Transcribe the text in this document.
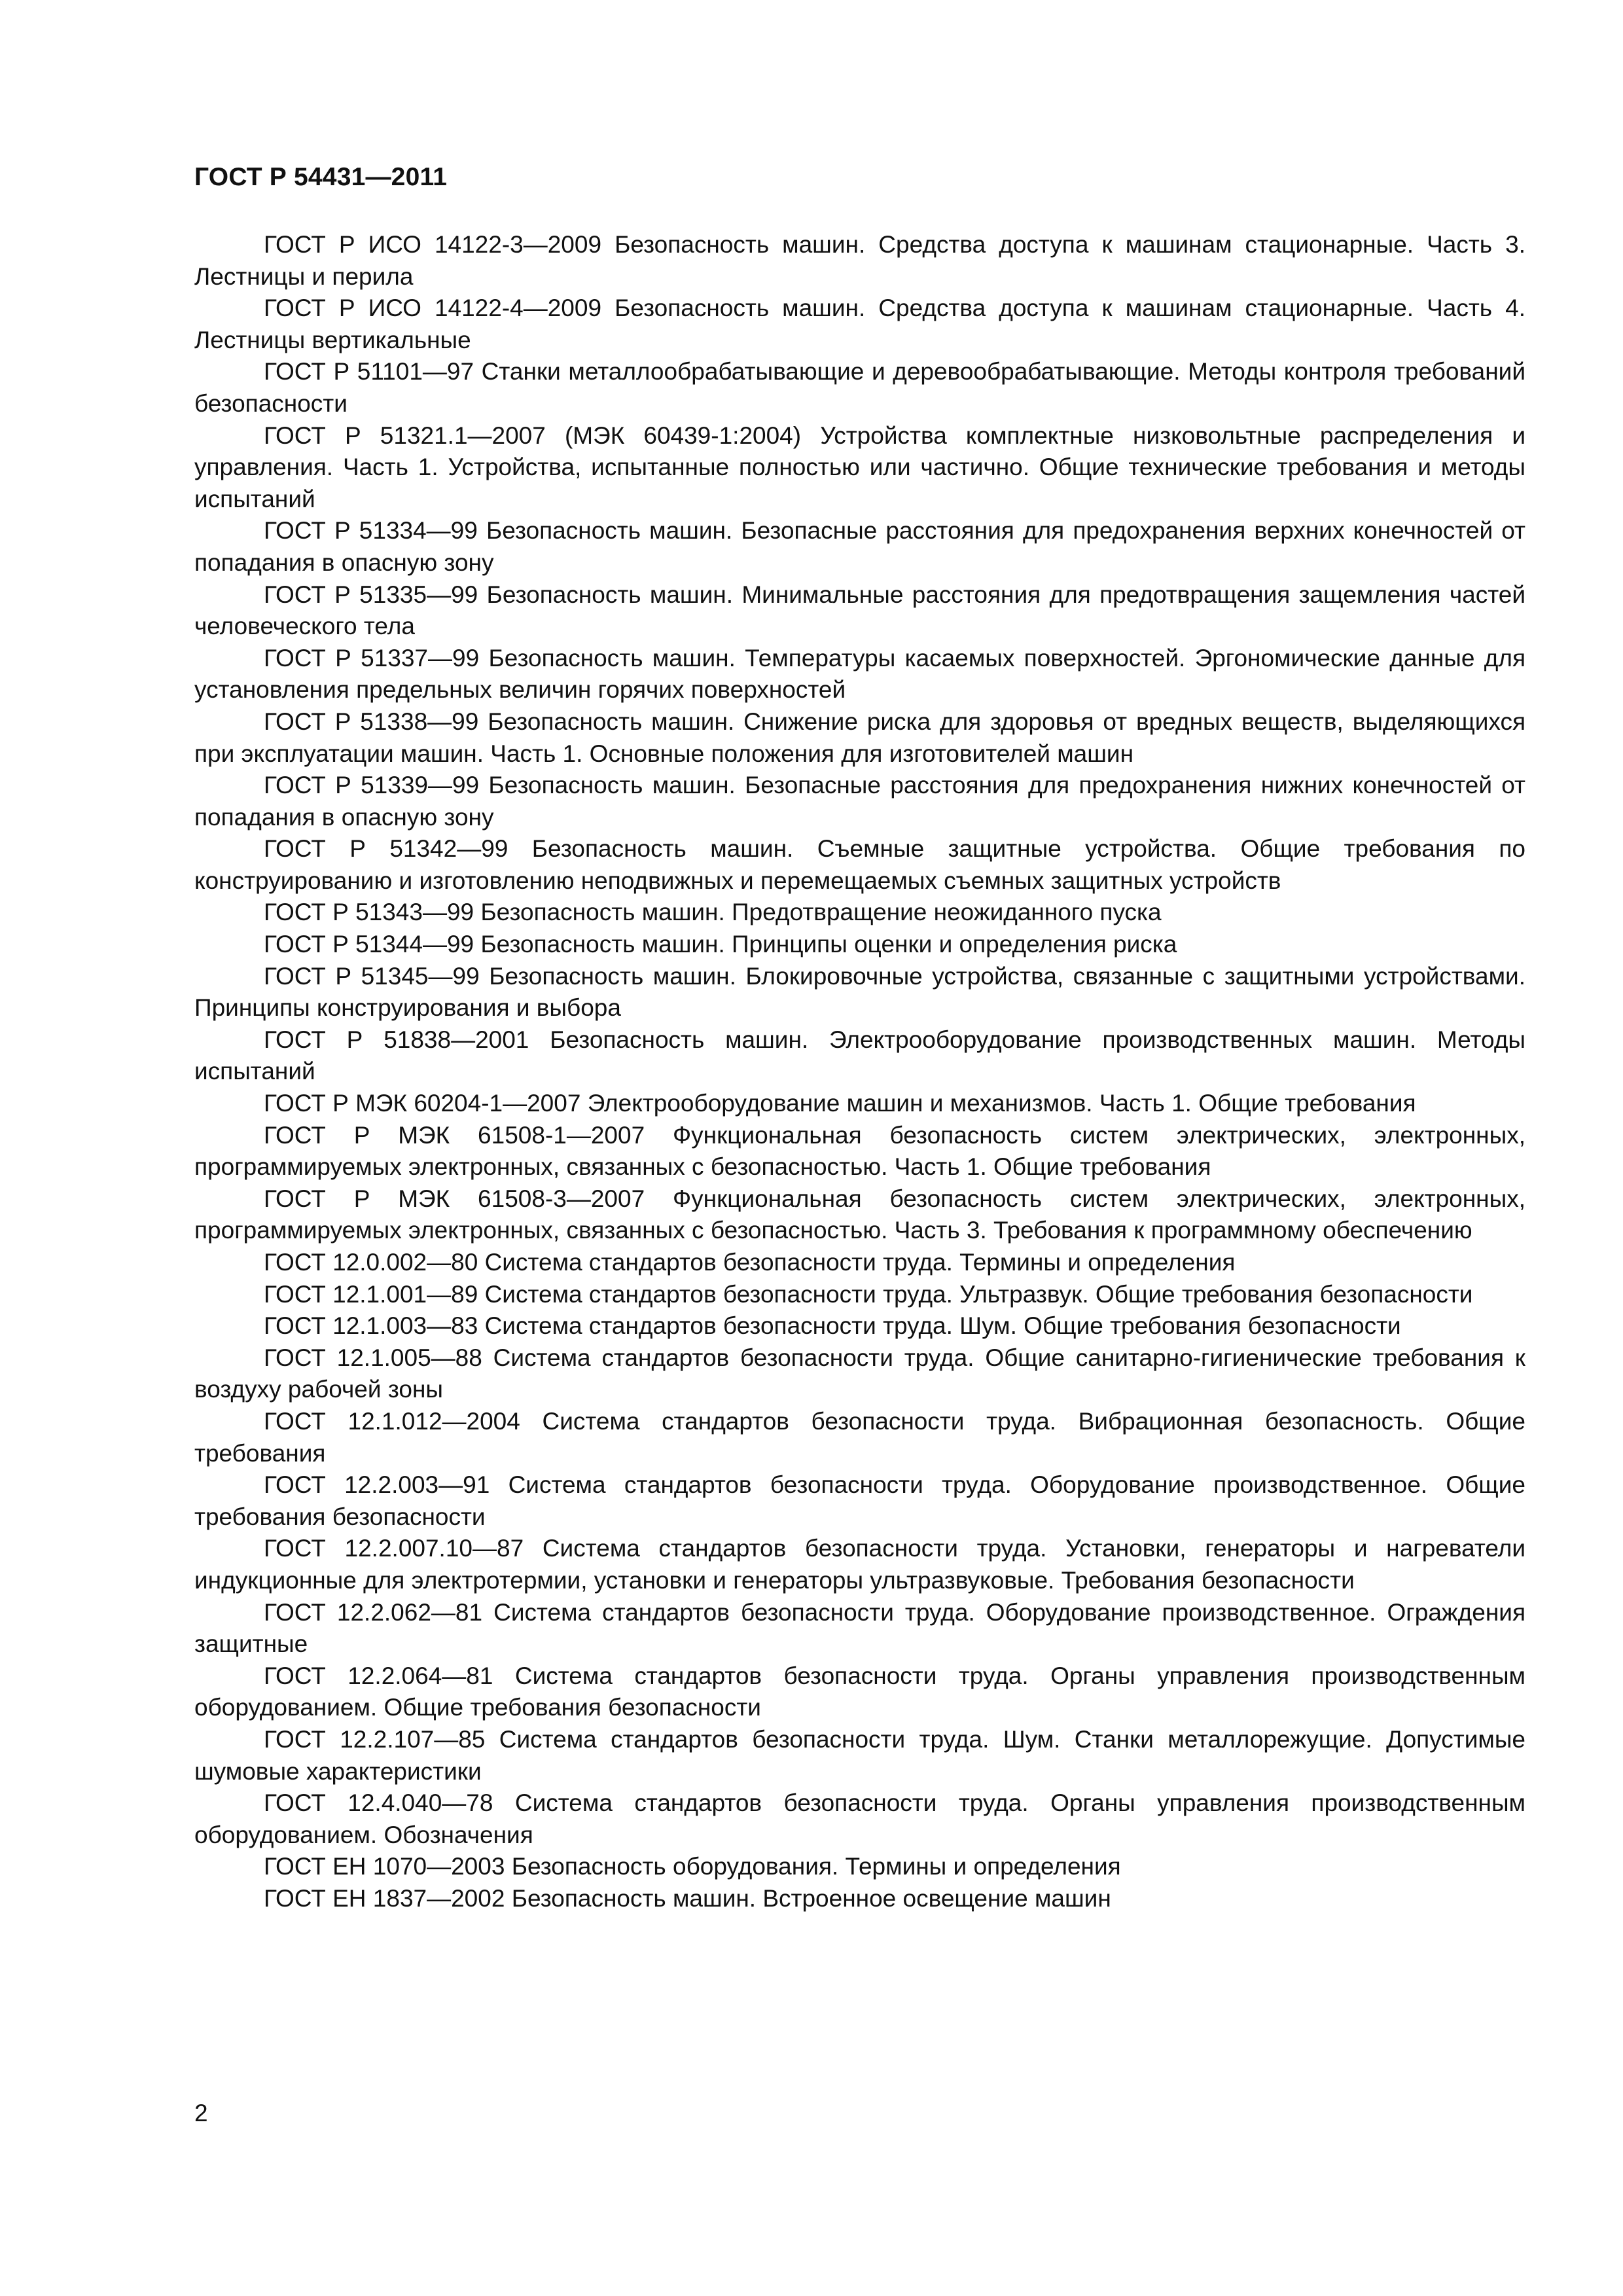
ГОСТ Р 54431—2011

ГОСТ Р ИСО 14122-3—2009 Безопасность машин. Средства доступа к машинам стационарные. Часть 3. Лестницы и перила

ГОСТ Р ИСО 14122-4—2009 Безопасность машин. Средства доступа к машинам стационарные. Часть 4. Лестницы вертикальные

ГОСТ Р 51101—97 Станки металлообрабатывающие и деревообрабатывающие. Методы контроля требований безопасности

ГОСТ Р 51321.1—2007 (МЭК 60439-1:2004) Устройства комплектные низковольтные распределения и управления. Часть 1. Устройства, испытанные полностью или частично. Общие технические требования и методы испытаний

ГОСТ Р 51334—99 Безопасность машин. Безопасные расстояния для предохранения верхних конечностей от попадания в опасную зону

ГОСТ Р 51335—99 Безопасность машин. Минимальные расстояния для предотвращения защемления частей человеческого тела

ГОСТ Р 51337—99 Безопасность машин. Температуры касаемых поверхностей. Эргономические данные для установления предельных величин горячих поверхностей

ГОСТ Р 51338—99 Безопасность машин. Снижение риска для здоровья от вредных веществ, выделяющихся при эксплуатации машин. Часть 1. Основные положения для изготовителей машин

ГОСТ Р 51339—99 Безопасность машин. Безопасные расстояния для предохранения нижних конечностей от попадания в опасную зону

ГОСТ Р 51342—99 Безопасность машин. Съемные защитные устройства. Общие требования по конструированию и изготовлению неподвижных и перемещаемых съемных защитных устройств

ГОСТ Р 51343—99 Безопасность машин. Предотвращение неожиданного пуска

ГОСТ Р 51344—99 Безопасность машин. Принципы оценки и определения риска

ГОСТ Р 51345—99 Безопасность машин. Блокировочные устройства, связанные с защитными устройствами. Принципы конструирования и выбора

ГОСТ Р 51838—2001 Безопасность машин. Электрооборудование производственных машин. Методы испытаний

ГОСТ Р МЭК 60204-1—2007 Электрооборудование машин и механизмов. Часть 1. Общие требования

ГОСТ Р МЭК 61508-1—2007 Функциональная безопасность систем электрических, электронных, программируемых электронных, связанных с безопасностью. Часть 1. Общие требования

ГОСТ Р МЭК 61508-3—2007 Функциональная безопасность систем электрических, электронных, программируемых электронных, связанных с безопасностью. Часть 3. Требования к программному обеспечению

ГОСТ 12.0.002—80 Система стандартов безопасности труда. Термины и определения

ГОСТ 12.1.001—89 Система стандартов безопасности труда. Ультразвук. Общие требования безопасности

ГОСТ 12.1.003—83 Система стандартов безопасности труда. Шум. Общие требования безопасности

ГОСТ 12.1.005—88 Система стандартов безопасности труда. Общие санитарно-гигиенические требования к воздуху рабочей зоны

ГОСТ 12.1.012—2004 Система стандартов безопасности труда. Вибрационная безопасность. Общие требования

ГОСТ 12.2.003—91 Система стандартов безопасности труда. Оборудование производственное. Общие требования безопасности

ГОСТ 12.2.007.10—87 Система стандартов безопасности труда. Установки, генераторы и нагреватели индукционные для электротермии, установки и генераторы ультразвуковые. Требования безопасности

ГОСТ 12.2.062—81 Система стандартов безопасности труда. Оборудование производственное. Ограждения защитные

ГОСТ 12.2.064—81 Система стандартов безопасности труда. Органы управления производственным оборудованием. Общие требования безопасности

ГОСТ 12.2.107—85 Система стандартов безопасности труда. Шум. Станки металлорежущие. Допустимые шумовые характеристики

ГОСТ 12.4.040—78 Система стандартов безопасности труда. Органы управления производственным оборудованием. Обозначения

ГОСТ ЕН 1070—2003 Безопасность оборудования. Термины и определения

ГОСТ ЕН 1837—2002 Безопасность машин. Встроенное освещение машин

2
